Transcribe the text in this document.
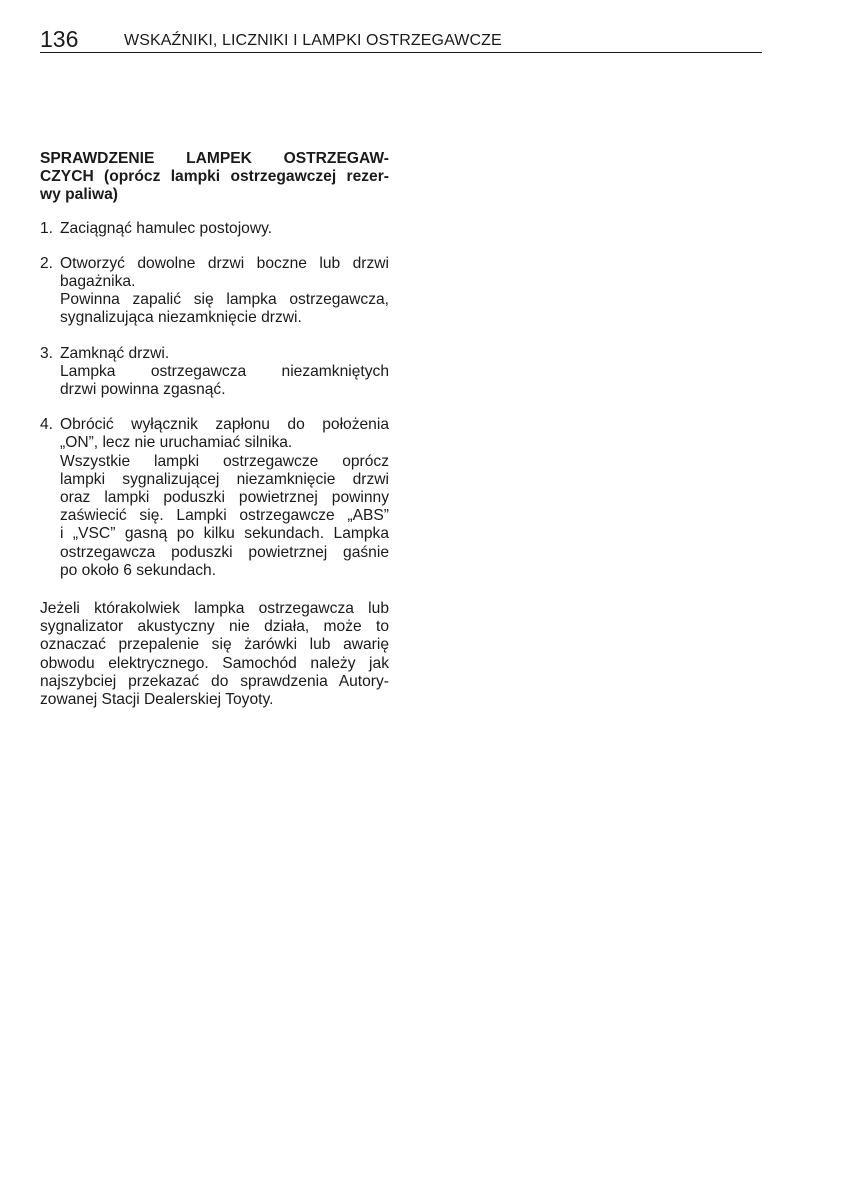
136	WSKAŹNIKI, LICZNIKI I LAMPKI OSTRZEGAWCZE
SPRAWDZENIE LAMPEK OSTRZEGAW-
CZYCH (oprócz lampki ostrzegawczej rezer-
wy paliwa)
1. Zaciągnąć hamulec postojowy.
2. Otworzyć dowolne drzwi boczne lub drzwi
bagażnika.
Powinna zapalić się lampka ostrzegawcza,
sygnalizująca niezamknięcie drzwi.
3. Zamknąć drzwi.
Lampka ostrzegawcza niezamkniętych
drzwi powinna zgasnąć.
4. Obrócić wyłącznik zapłonu do położenia
„ON”, lecz nie uruchamiać silnika.
Wszystkie lampki ostrzegawcze oprócz
lampki sygnalizującej niezamknięcie drzwi
oraz lampki poduszki powietrznej powinny
zaświecić się. Lampki ostrzegawcze „ABS”
i „VSC” gasną po kilku sekundach. Lampka
ostrzegawcza poduszki powietrznej gaśnie
po około 6 sekundach.
Jeżeli którakolwiek lampka ostrzegawcza lub
sygnalizator akustyczny nie działa, może to
oznaczać przepalenie się żarówki lub awarię
obwodu elektrycznego. Samochód należy jak
najszybciej przekazać do sprawdzenia Autory-
zowanej Stacji Dealerskiej Toyoty.
